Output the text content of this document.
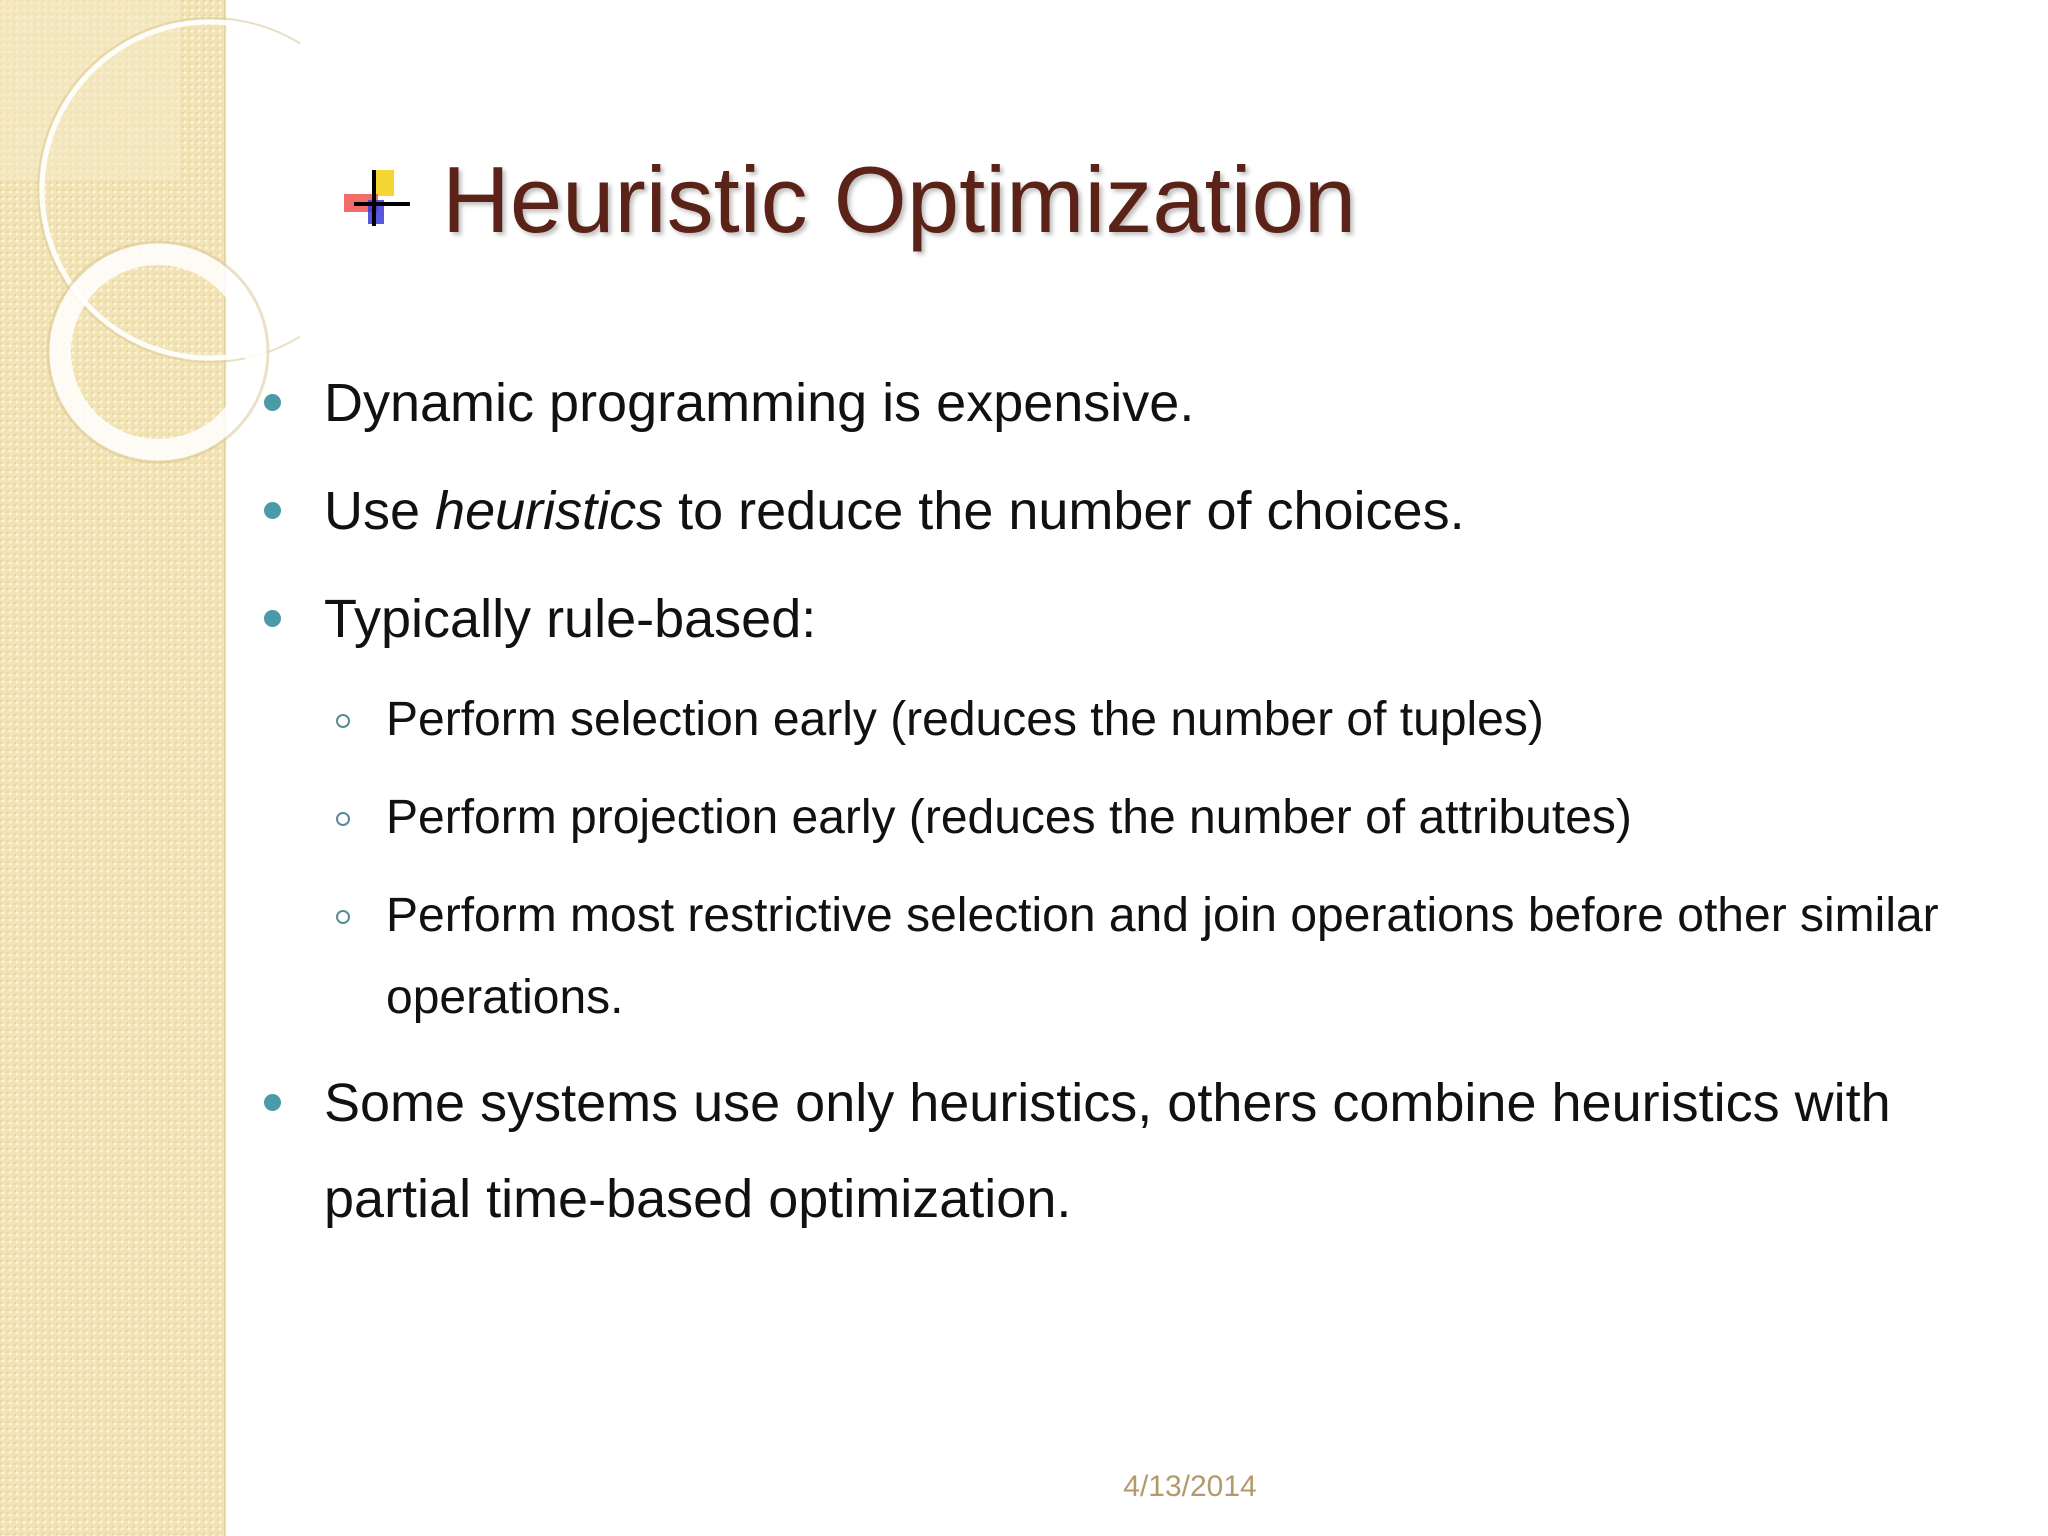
Heuristic Optimization
Dynamic programming is expensive.
Use heuristics to reduce the number of choices.
Typically rule-based:
Perform selection early (reduces the number of tuples)
Perform projection early (reduces the number of attributes)
Perform most restrictive selection and join operations before other similar operations.
Some systems use only heuristics, others combine heuristics with partial time-based optimization.
4/13/2014
